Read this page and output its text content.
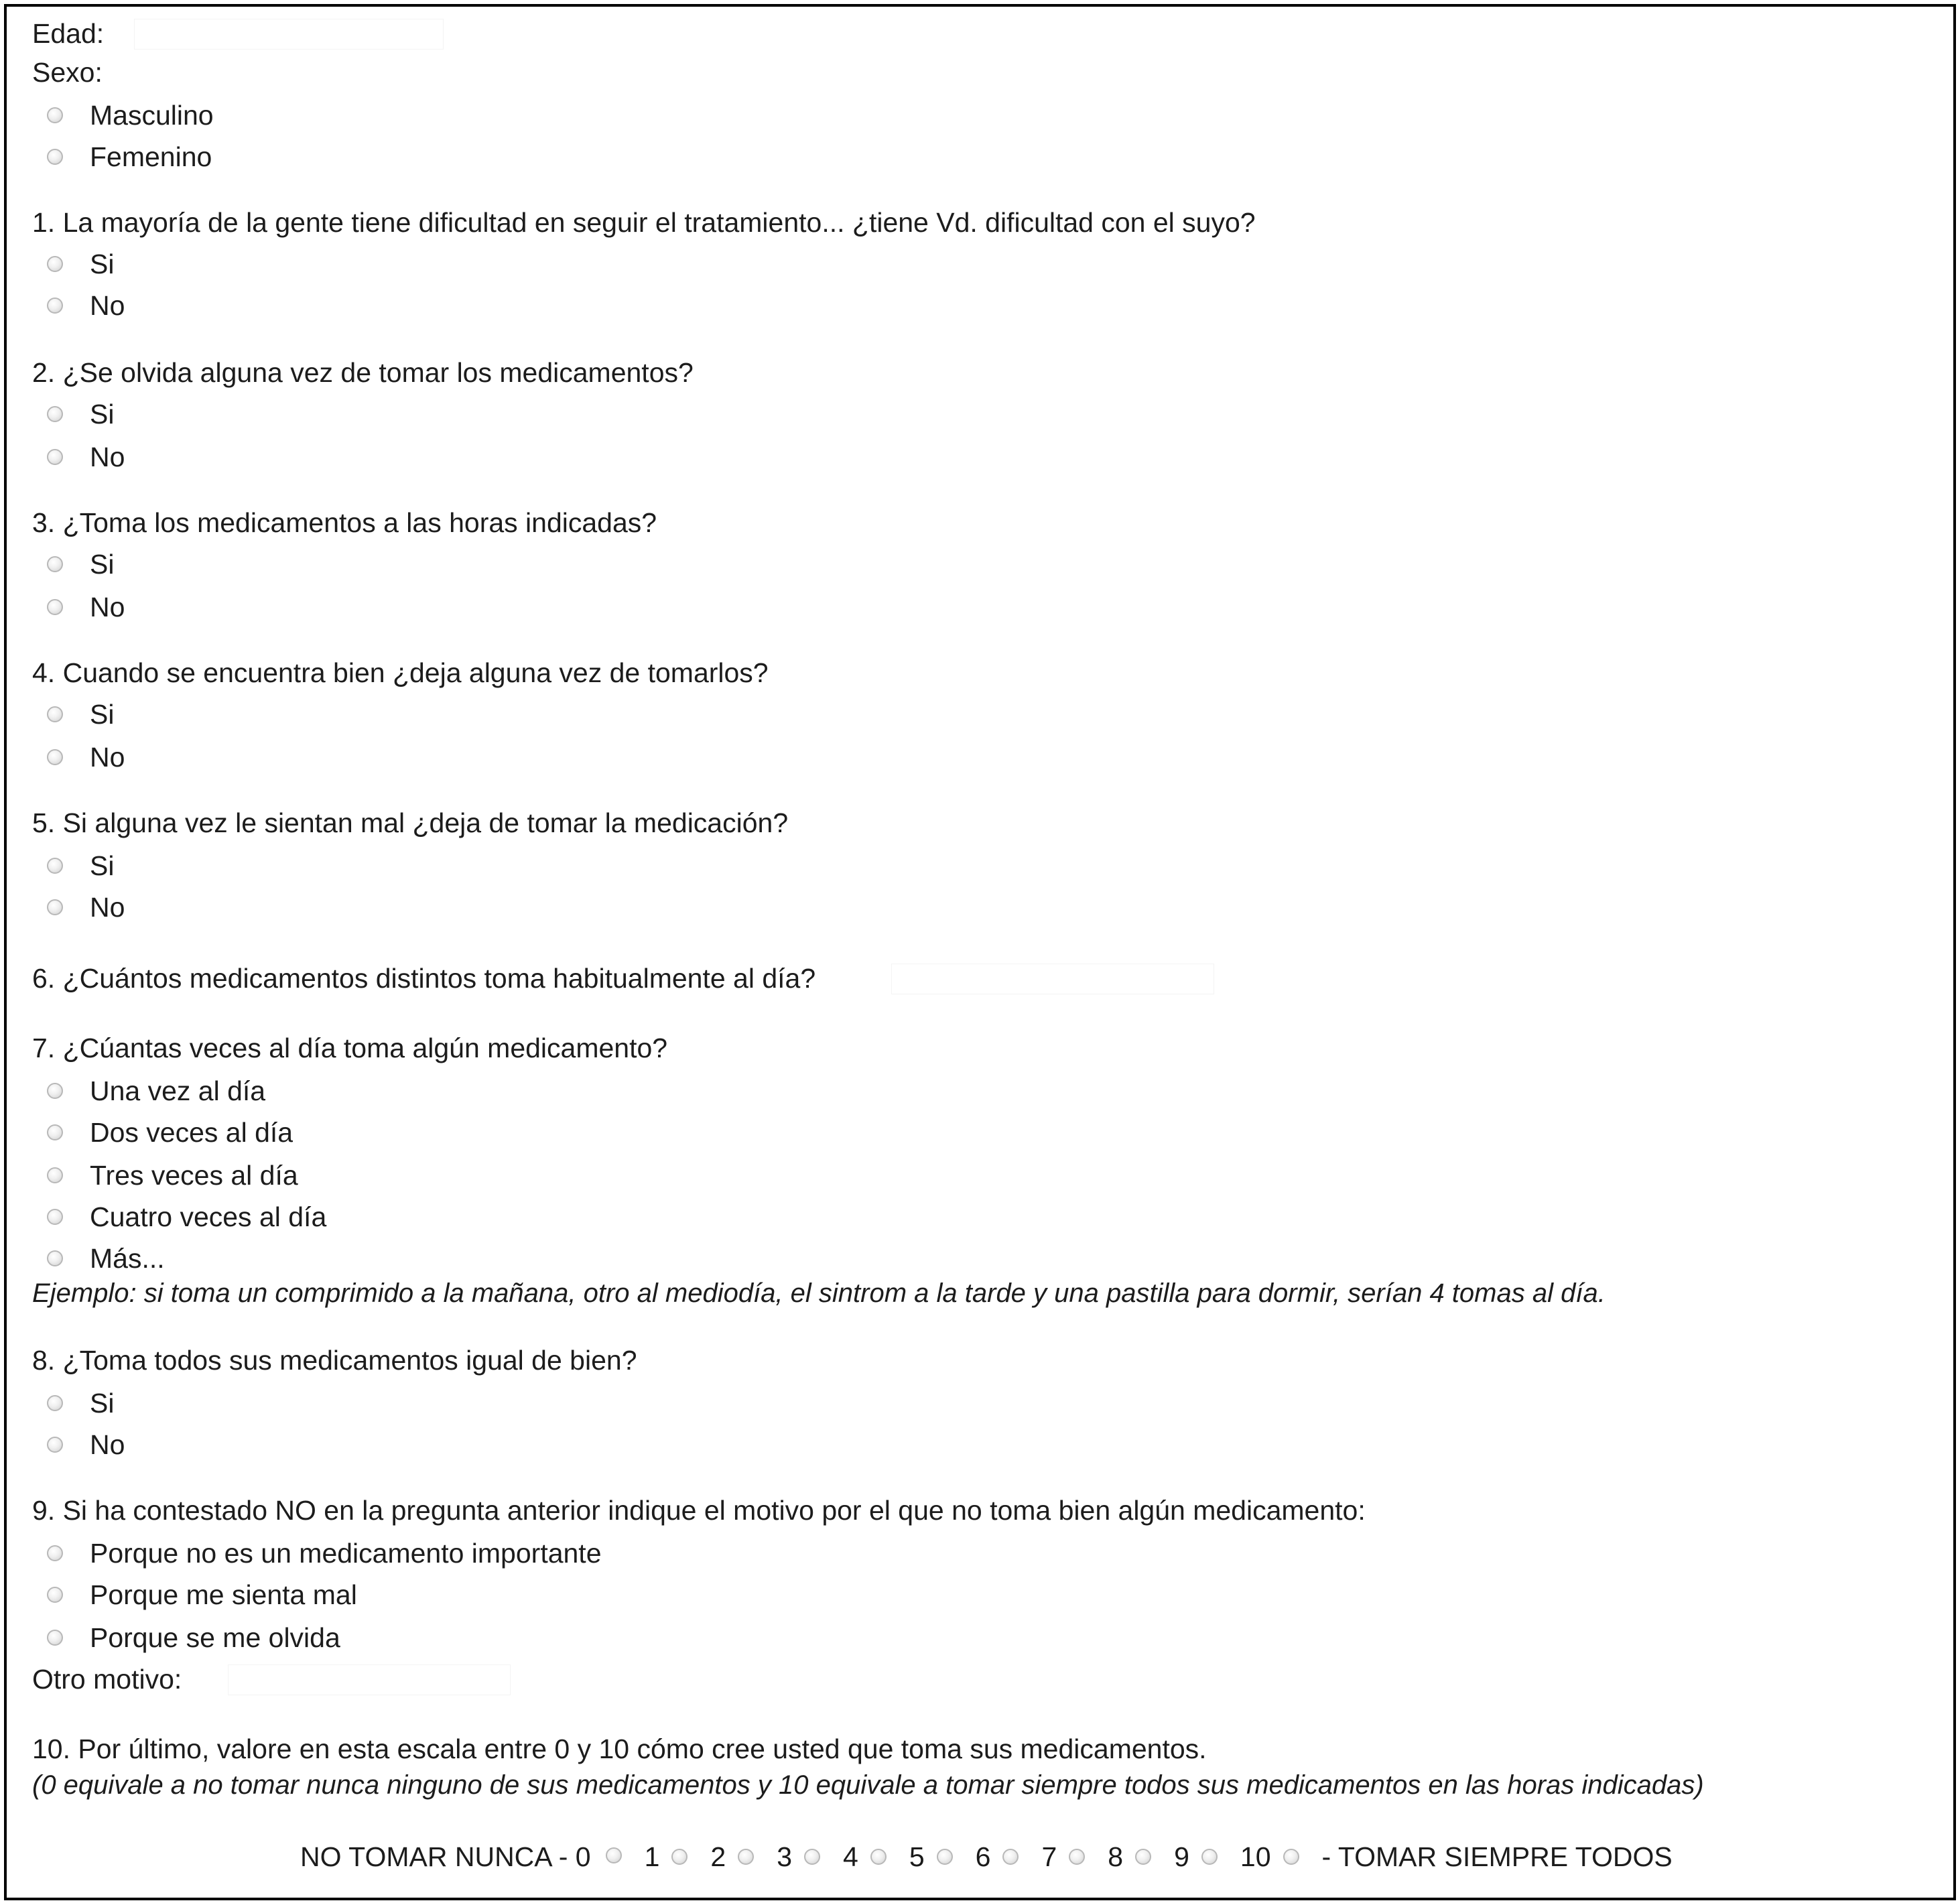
Edad:
Sexo:
Masculino
Femenino
1. La mayoría de la gente tiene dificultad en seguir el tratamiento... ¿tiene Vd. dificultad con el suyo?
Si
No
2. ¿Se olvida alguna vez de tomar los medicamentos?
Si
No
3. ¿Toma los medicamentos a las horas indicadas?
Si
No
4. Cuando se encuentra bien ¿deja alguna vez de tomarlos?
Si
No
5. Si alguna vez le sientan mal ¿deja de tomar la medicación?
Si
No
6. ¿Cuántos medicamentos distintos toma habitualmente al día?
7. ¿Cúantas veces al día toma algún medicamento?
Una vez al día
Dos veces al día
Tres veces al día
Cuatro veces al día
Más...
Ejemplo: si toma un comprimido a la mañana, otro al mediodía, el sintrom a la tarde y una pastilla para dormir, serían 4 tomas al día.
8. ¿Toma todos sus medicamentos igual de bien?
Si
No
9. Si ha contestado NO en la pregunta anterior indique el motivo por el que no toma bien algún medicamento:
Porque no es un medicamento importante
Porque me sienta mal
Porque se me olvida
Otro motivo:
10. Por último, valore en esta escala entre 0 y 10 cómo cree usted que toma sus medicamentos.
(0 equivale a no tomar nunca ninguno de sus medicamentos y 10 equivale a tomar siempre todos sus medicamentos en las horas indicadas)
NO TOMAR NUNCA - 0 1 2 3 4 5 6 7 8 9 10 - TOMAR SIEMPRE TODOS
